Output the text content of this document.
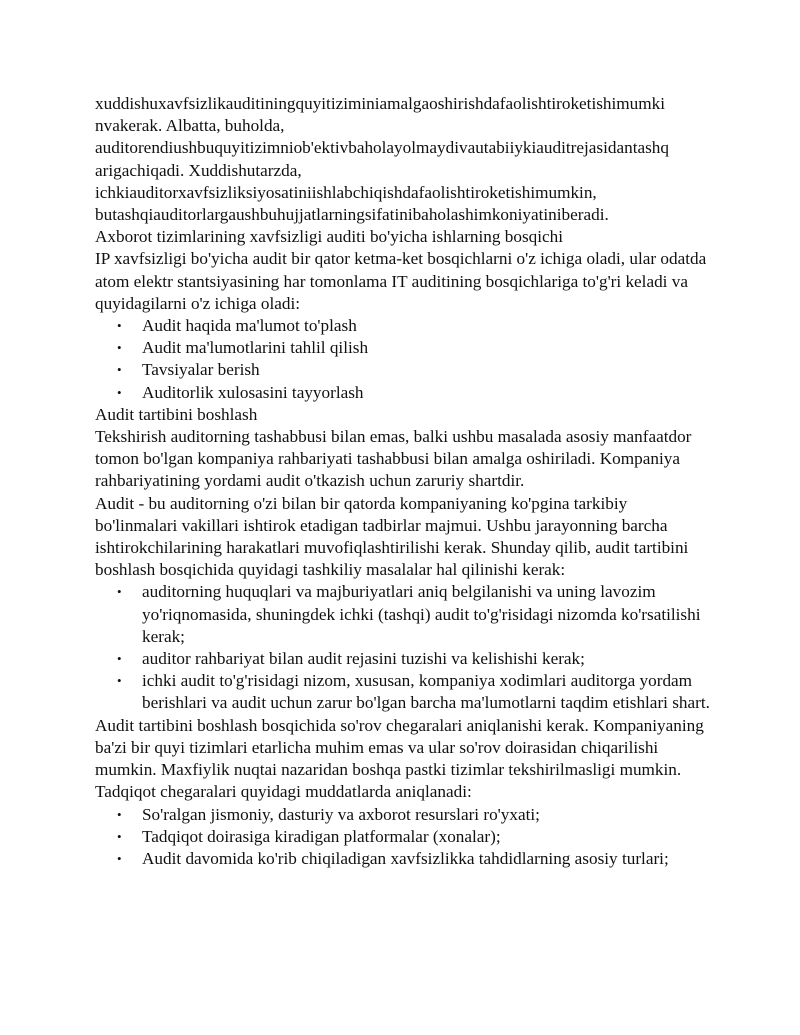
xuddishuxavfsizlikauditiningquyitiziminiamalgaoshirishdafaolishtiroketishimumki

nvakerak. Albatta, buholda,

auditorendiushbuquyitizimniob'ektivbaholayolmaydivautabiiykiauditrejasidantashq

arigachiqadi. Xuddishutarzda,

ichkiauditorxavfsizliksiyosatiniishlabchiqishdafaolishtiroketishimumkin,

butashqiauditorlargaushbuhujjatlarningsifatinibaholashimkoniyatiniberadi.

Axborot tizimlarining xavfsizligi auditi bo'yicha ishlarning bosqichi

IP xavfsizligi bo'yicha audit bir qator ketma-ket bosqichlarni o'z ichiga oladi, ular odatda atom elektr stantsiyasining har tomonlama IT auditining bosqichlariga to'g'ri keladi va quyidagilarni o'z ichiga oladi:

• Audit haqida ma'lumot to'plash
• Audit ma'lumotlarini tahlil qilish
• Tavsiyalar berish
• Auditorlik xulosasini tayyorlash

Audit tartibini boshlash

Tekshirish auditorning tashabbusi bilan emas, balki ushbu masalada asosiy manfaatdor tomon bo'lgan kompaniya rahbariyati tashabbusi bilan amalga oshiriladi. Kompaniya rahbariyatining yordami audit o'tkazish uchun zaruriy shartdir.

Audit - bu auditorning o'zi bilan bir qatorda kompaniyaning ko'pgina tarkibiy bo'linmalari vakillari ishtirok etadigan tadbirlar majmui. Ushbu jarayonning barcha ishtirokchilarining harakatlari muvofiqlashtirilishi kerak. Shunday qilib, audit tartibini boshlash bosqichida quyidagi tashkiliy masalalar hal qilinishi kerak:

• auditorning huquqlari va majburiyatlari aniq belgilanishi va uning lavozim yo'riqnomasida, shuningdek ichki (tashqi) audit to'g'risidagi nizomda ko'rsatilishi kerak;
• auditor rahbariyat bilan audit rejasini tuzishi va kelishishi kerak;
• ichki audit to'g'risidagi nizom, xususan, kompaniya xodimlari auditorga yordam berishlari va audit uchun zarur bo'lgan barcha ma'lumotlarni taqdim etishlari shart.

Audit tartibini boshlash bosqichida so'rov chegaralari aniqlanishi kerak. Kompaniyaning ba'zi bir quyi tizimlari etarlicha muhim emas va ular so'rov doirasidan chiqarilishi mumkin. Maxfiylik nuqtai nazaridan boshqa pastki tizimlar tekshirilmasligi mumkin.

Tadqiqot chegaralari quyidagi muddatlarda aniqlanadi:

• So'ralgan jismoniy, dasturiy va axborot resurslari ro'yxati;
• Tadqiqot doirasiga kiradigan platformalar (xonalar);
• Audit davomida ko'rib chiqiladigan xavfsizlikka tahdidlarning asosiy turlari;
